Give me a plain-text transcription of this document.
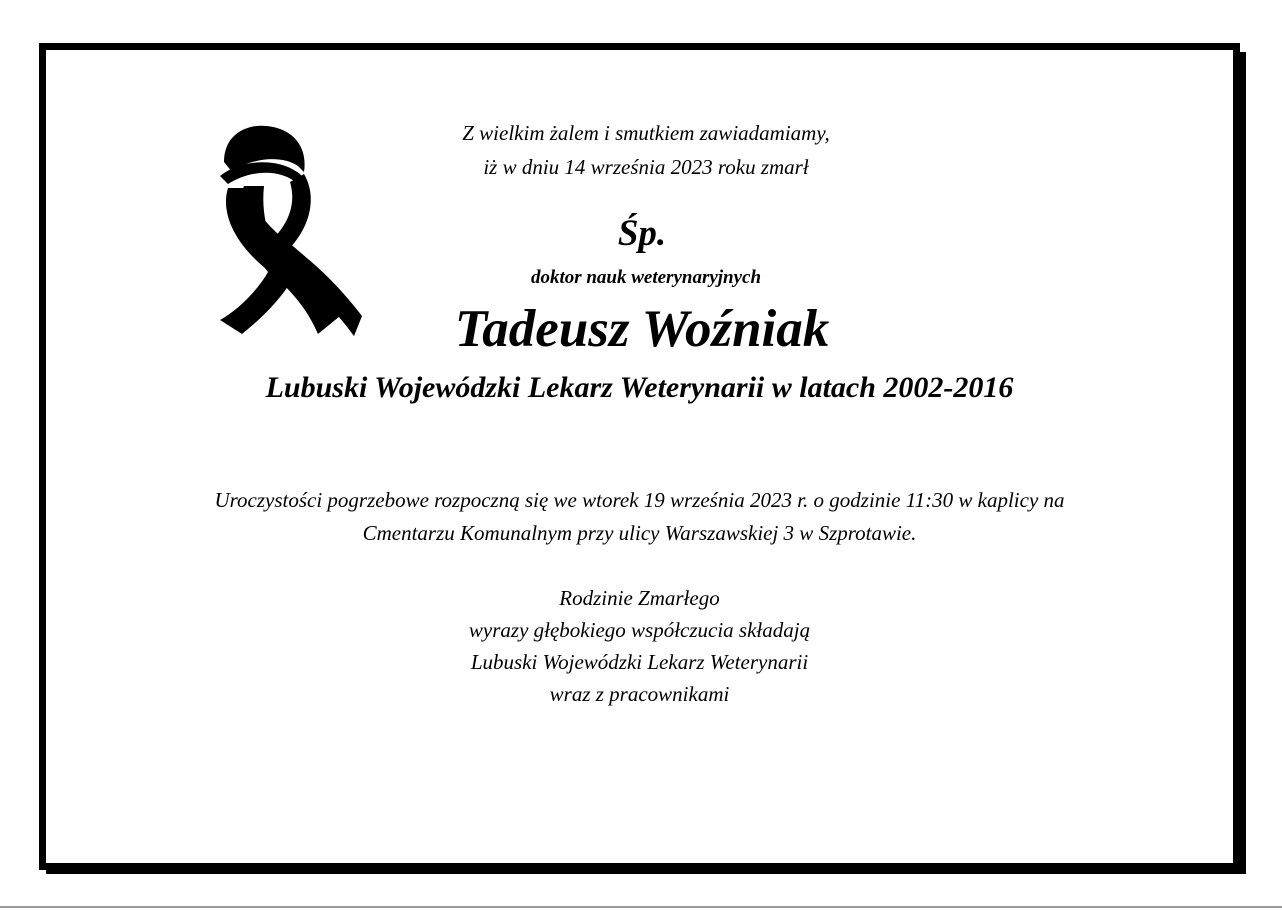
Z wielkim żalem i smutkiem zawiadamiamy,
iż w dniu 14 września 2023 roku zmarł
Śp.
doktor nauk weterynaryjnych
Tadeusz Woźniak
Lubuski Wojewódzki Lekarz Weterynarii w latach 2002-2016
Uroczystości pogrzebowe rozpoczną się we wtorek 19 września 2023 r. o godzinie 11:30 w kaplicy na
Cmentarzu Komunalnym przy ulicy Warszawskiej 3 w Szprotawie.
Rodzinie Zmarłego
wyrazy głębokiego współczucia składają
Lubuski Wojewódzki Lekarz Weterynarii
wraz z pracownikami
